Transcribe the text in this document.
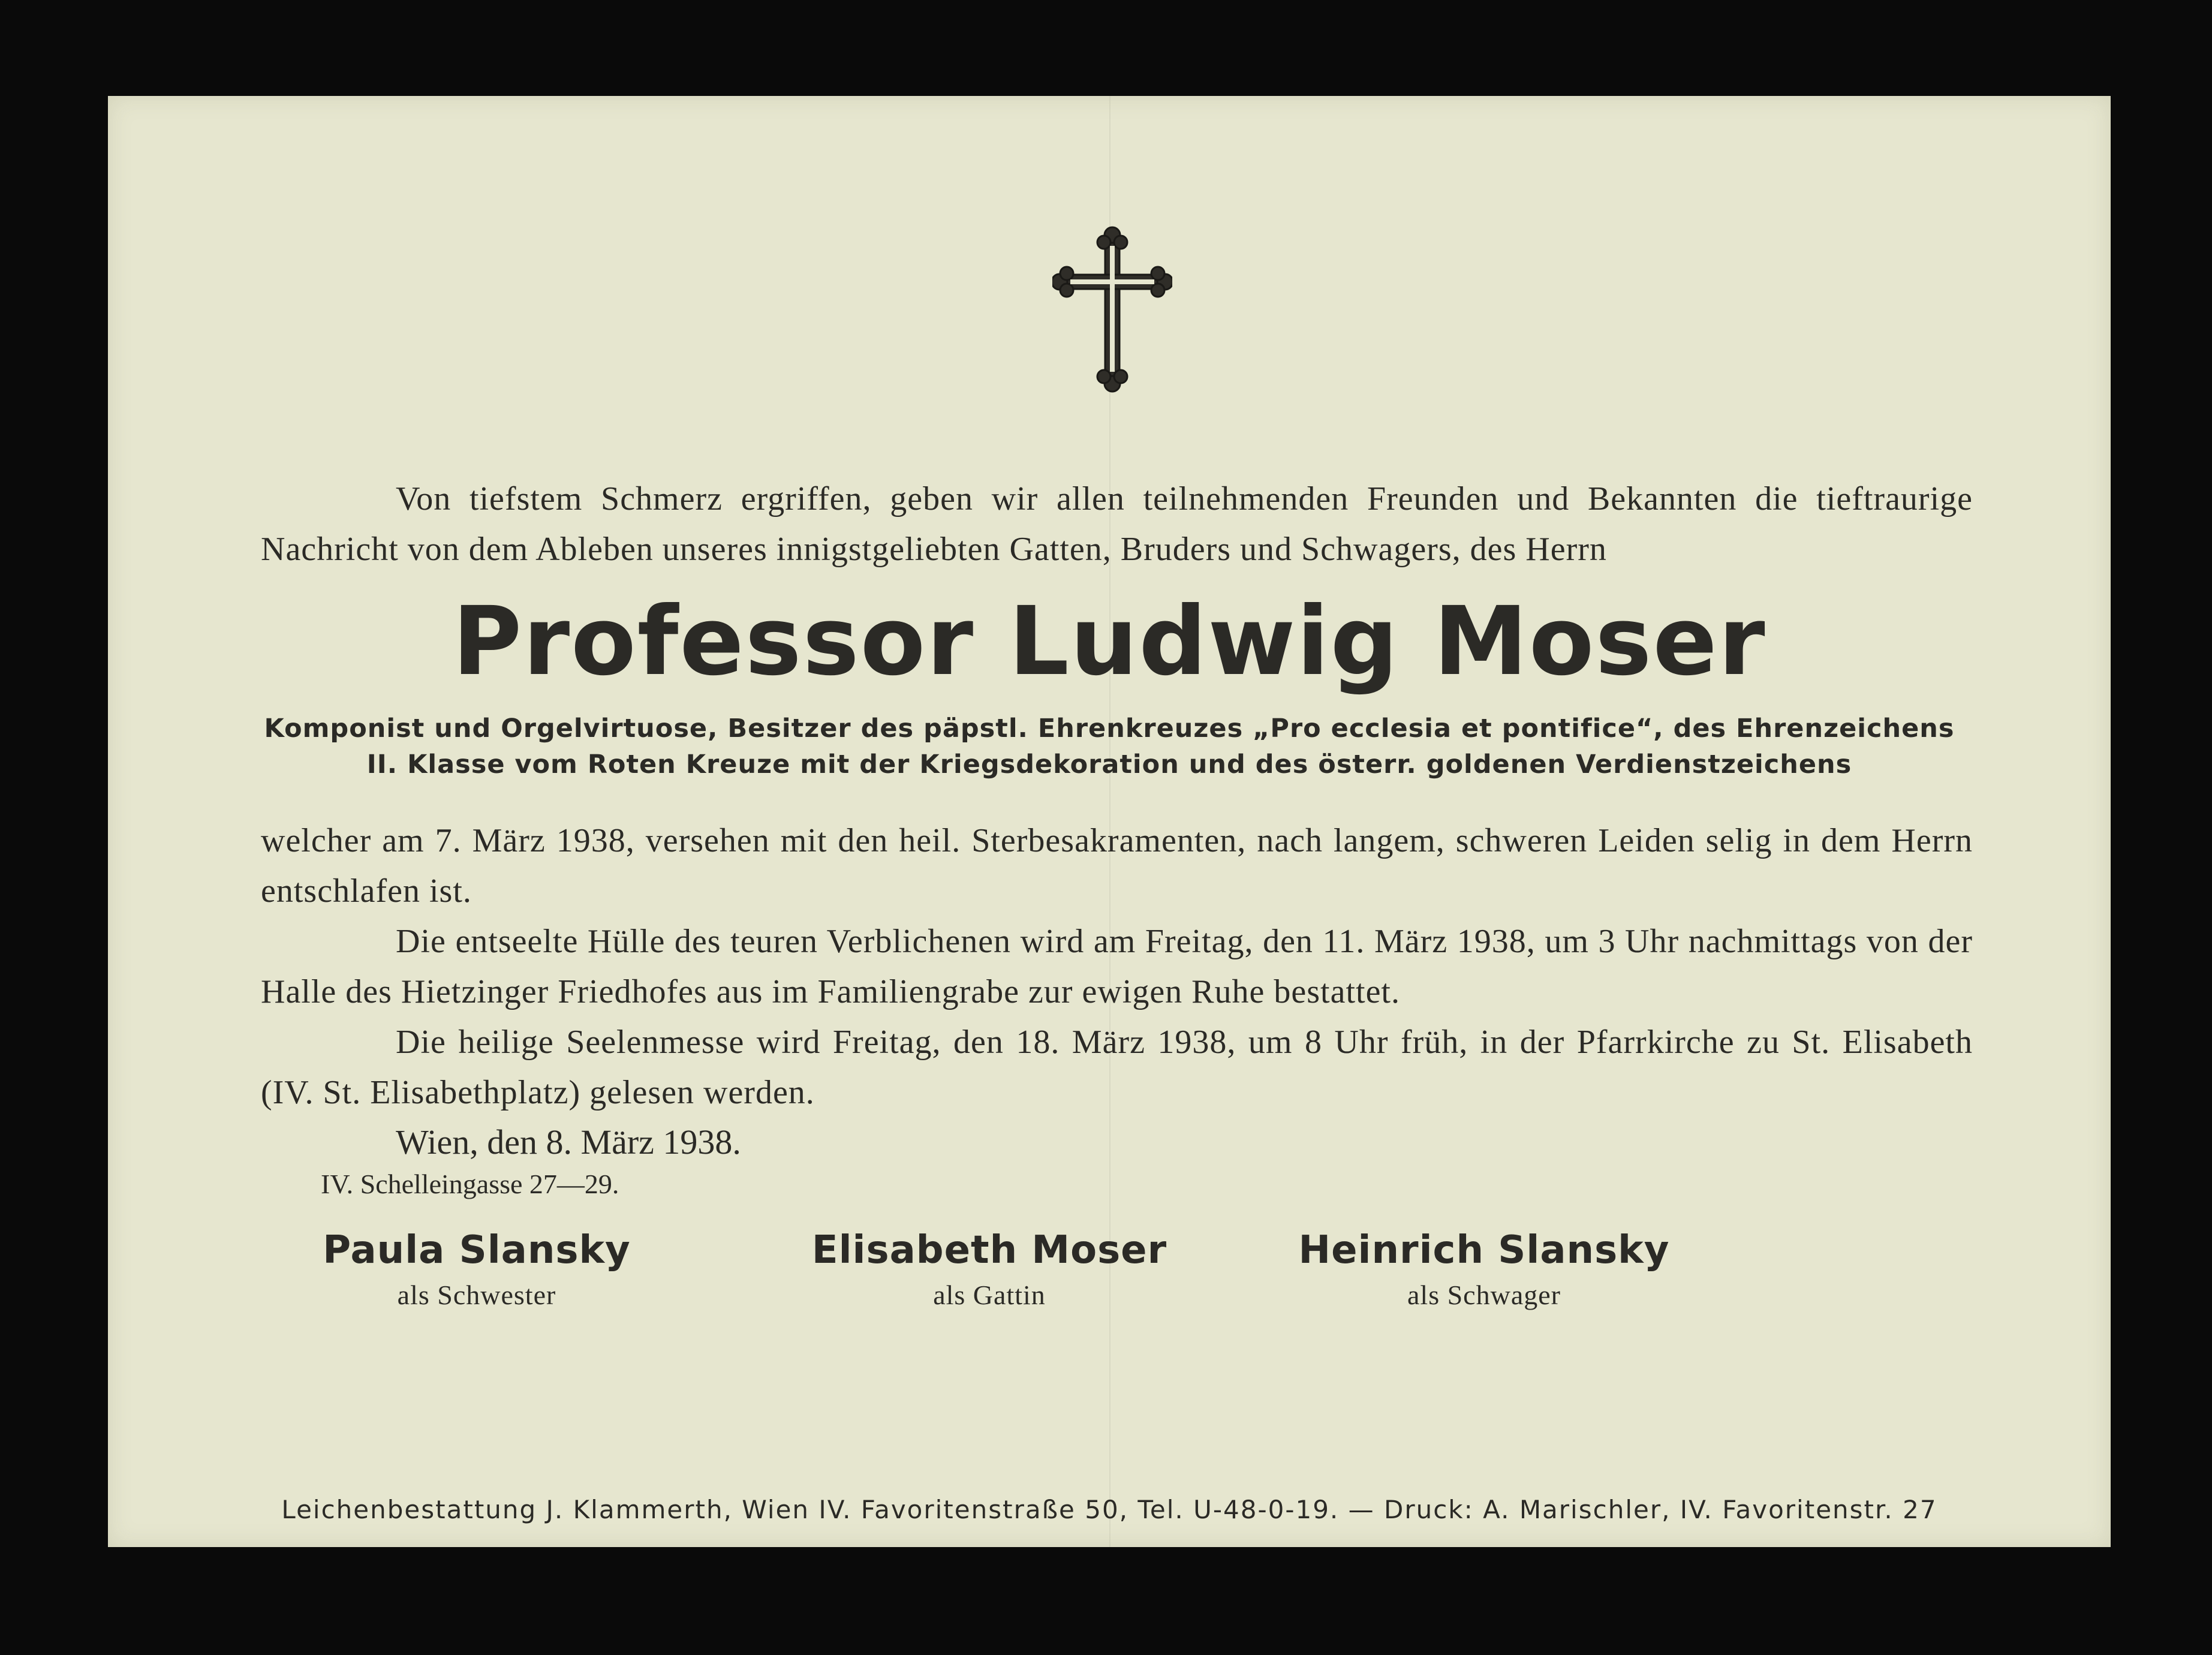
Von tiefstem Schmerz ergriffen, geben wir allen teilnehmenden Freunden und Bekannten die tieftraurige Nachricht von dem Ableben unseres innigstgeliebten Gatten, Bruders und Schwagers, des Herrn
Professor Ludwig Moser
Komponist und Orgelvirtuose, Besitzer des päpstl. Ehrenkreuzes „Pro ecclesia et pontifice“, des Ehrenzeichens
II. Klasse vom Roten Kreuze mit der Kriegsdekoration und des österr. goldenen Verdienstzeichens
welcher am 7. März 1938, versehen mit den heil. Sterbesakramenten, nach langem, schweren Leiden selig in dem Herrn entschlafen ist.
Die entseelte Hülle des teuren Verblichenen wird am Freitag, den 11. März 1938, um 3 Uhr nachmittags von der Halle des Hietzinger Friedhofes aus im Familiengrabe zur ewigen Ruhe bestattet.
Die heilige Seelenmesse wird Freitag, den 18. März 1938, um 8 Uhr früh, in der Pfarrkirche zu St. Elisabeth (IV. St. Elisabethplatz) gelesen werden.
Wien, den 8. März 1938.
IV. Schelleingasse 27—29.
Paula Slansky
als Schwester
Elisabeth Moser
als Gattin
Heinrich Slansky
als Schwager
Leichenbestattung J. Klammerth, Wien IV. Favoritenstraße 50, Tel. U-48-0-19. — Druck: A. Marischler, IV. Favoritenstr. 27
